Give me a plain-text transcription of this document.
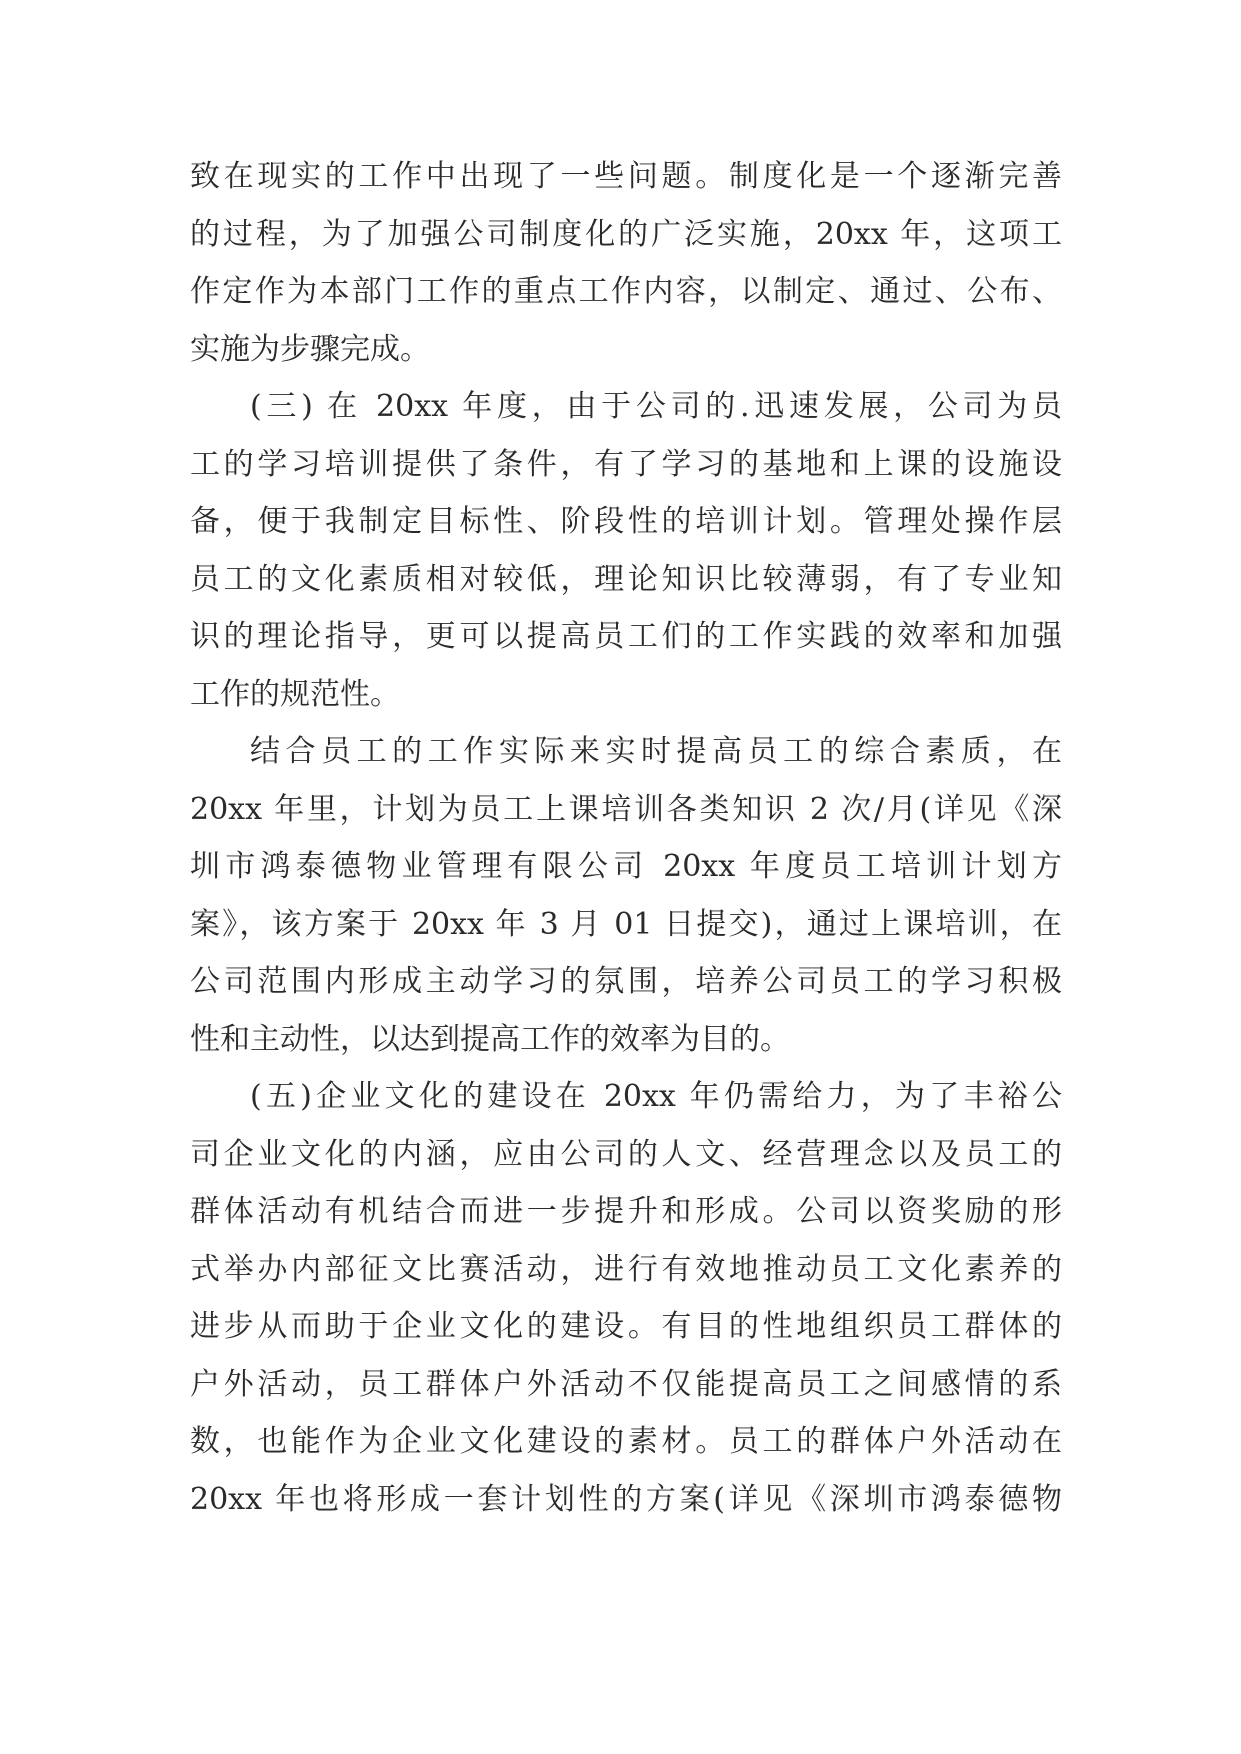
致在现实的工作中出现了一些问题。制度化是一个逐渐完善
的过程，为了加强公司制度化的广泛实施，20xx 年，这项工
作定作为本部门工作的重点工作内容，以制定、通过、公布、
实施为步骤完成。

(三) 在 20xx 年度，由于公司的.迅速发展，公司为员
工的学习培训提供了条件，有了学习的基地和上课的设施设
备，便于我制定目标性、阶段性的培训计划。管理处操作层
员工的文化素质相对较低，理论知识比较薄弱，有了专业知
识的理论指导，更可以提高员工们的工作实践的效率和加强
工作的规范性。

结合员工的工作实际来实时提高员工的综合素质，在
20xx 年里，计划为员工上课培训各类知识 2 次/月(详见《深
圳市鸿泰德物业管理有限公司 20xx 年度员工培训计划方
案》，该方案于 20xx 年 3 月 01 日提交)，通过上课培训，在
公司范围内形成主动学习的氛围，培养公司员工的学习积极
性和主动性，以达到提高工作的效率为目的。

(五)企业文化的建设在 20xx 年仍需给力，为了丰裕公
司企业文化的内涵，应由公司的人文、经营理念以及员工的
群体活动有机结合而进一步提升和形成。公司以资奖励的形
式举办内部征文比赛活动，进行有效地推动员工文化素养的
进步从而助于企业文化的建设。有目的性地组织员工群体的
户外活动，员工群体户外活动不仅能提高员工之间感情的系
数，也能作为企业文化建设的素材。员工的群体户外活动在
20xx 年也将形成一套计划性的方案(详见《深圳市鸿泰德物
